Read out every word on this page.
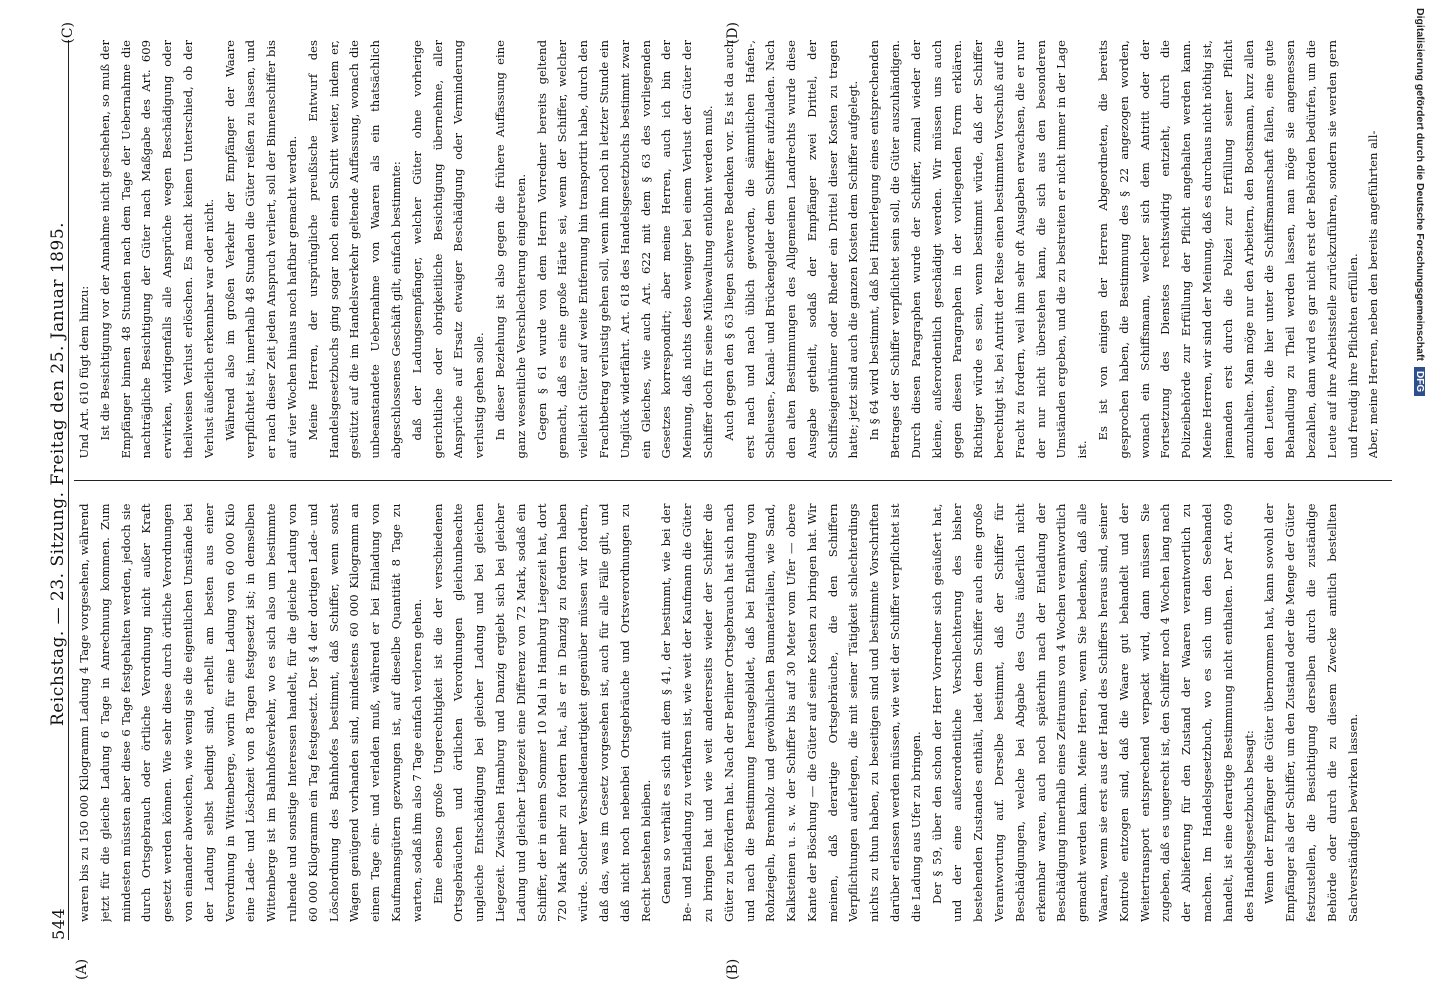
(A)	(B)
544
Reichstag. — 23. Sitzung. Freitag den 25. Januar 1895. waren bis zu 150 000 Kilogramm Ladung 4 Tage vorgesehen, während jetzt für die gleiche Ladung 6 Tage in Anrechnung kommen. Zum mindesten müssten aber diese 6 Tage festgehalten werden, jedoch sie durch Ortsgebrauch oder örtliche Verordnung nicht außer Kraft gesetzt werden können. Wie sehr diese durch örtliche Verordnungen von einander abweichen, wie wenig sie die eigentlichen Umstände bei der Ladung selbst bedingt sind, erhellt am besten aus einer Verordnung in Wittenberge, worin für eine Ladung von 60 000 Kilo eine Lade- und Löschzeit von 8 Tagen festgesetzt ist; in demselben Wittenberge ist im Bahnhofsverkehr, wo es sich also um bestimmte ruhende und sonstige Interessen handelt, für die gleiche Ladung von 60 000 Kilogramm ein Tag festgesetzt. Der § 4 der dortigen Lade- und Löschordnung des Bahnhofes bestimmt, daß Schiffer, wenn sonst Wagen genügend vorhanden sind, mindestens 60 000 Kilogramm an einem Tage ein- und verladen muß, während er bei Einladung von Kaufmannsgütern gezwungen ist, auf dieselbe Quantität 8 Tage zu warten, sodaß ihm also 7 Tage einfach verloren gehen. Eine ebenso große Ungerechtigkeit ist die der verschiedenen Ortsgebräuchen und örtlichen Verordnungen gleichunbeachte ungleiche Entschädigung bei gleicher Ladung und bei gleichen Liegezeit. Zwischen Hamburg und Danzig ergiebt sich bei gleicher Ladung und gleicher Liegezeit eine Differenz von 72 Mark, sodaß ein Schiffer, der in einem Sommer 10 Mal in Hamburg Liegezeit hat, dort 720 Mark mehr zu fordern hat, als er in Danzig zu fordern haben würde. Solcher Verschiedenartigkeit gegenüber müssen wir fordern, daß das, was im Gesetz vorgesehen ist, auch für alle Fälle gilt, und daß nicht noch nebenbei Ortsgebräuche und Ortsverordnungen zu Recht bestehen bleiben. Genau so verhält es sich mit dem § 41, der bestimmt, wie bei der Be- und Entladung zu verfahren ist, wie weit der Kaufmann die Güter zu bringen hat und wie weit andererseits wieder der Schiffer die Güter zu befördern hat. Nach der Berliner Ortsgebrauch hat sich nach und nach die Bestimmung herausgebildet, daß bei Entladung von Rohziegeln, Brennholz und gewöhnlichen Baumaterialien, wie Sand, Kalksteinen u. s. w. der Schiffer bis auf 30 Meter vom Ufer — obere Kante der Böschung — die Güter auf seine Kosten zu bringen hat. Wir meinen, daß derartige Ortsgebräuche, die den Schiffern Verpflichtungen auferlegen, die mit seiner Tätigkeit schlechterdings nichts zu thun haben, zu beseitigen sind und bestimmte Vorschriften darüber erlassen werden müssen, wie weit der Schiffer verpflichtet ist die Ladung aus Ufer zu bringen. Der § 59, über den schon der Herr Vorredner sich geäußert hat, und der eine außerordentliche Verschlechterung des bisher bestehenden Zustandes enthält, ladet dem Schiffer auch eine große Verantwortung auf. Derselbe bestimmt, daß der Schiffer für Beschädigungen, welche bei Abgabe des Guts äußerlich nicht erkennbar waren, auch noch späterhin nach der Entladung der Beschädigung innerhalb eines Zeitraums von 4 Wochen verantwortlich gemacht werden kann. Meine Herren, wenn Sie bedenken, daß alle Waaren, wenn sie erst aus der Hand des Schiffers heraus sind, seiner Kontrole entzogen sind, daß die Waare gut behandelt und der Weitertransport entsprechend verpackt wird, dann müssen Sie zugeben, daß es ungerecht ist, den Schiffer noch 4 Wochen lang nach der Ablieferung für den Zustand der Waaren verantwortlich zu machen. Im Handelsgesetzbuch, wo es sich um den Seehandel handelt, ist eine derartige Bestimmung nicht enthalten. Der Art. 609 des Handelsgesetzbuchs besagt: Wenn der Empfänger die Güter übernommen hat, kann sowohl der Empfänger als der Schiffer, um den Zustand oder die Menge der Güter festzustellen, die Besichtigung derselben durch die zuständige Behörde oder durch die zu diesem Zwecke amtlich bestellten Sachverständigen bewirken lassen.

Und Art. 610 fügt dem hinzu: Ist die Besichtigung vor der Annahme nicht geschehen, so muß der Empfänger binnen 48 Stunden nach dem Tage der Uebernahme die nachträgliche Besichtigung der Güter nach Maßgabe des Art. 609 erwirken, widrigenfalls alle Ansprüche wegen Beschädigung oder theilweisen Verlust erlöschen. Es macht keinen Unterschied, ob der Verlust äußerlich erkennbar war oder nicht. Während also im großen Verkehr der Empfänger der Waare verpflichtet ist, innerhalb 48 Stunden die Güter reißen zu lassen, und er nach dieser Zeit jeden Anspruch verliert, soll der Binnenschiffer bis auf vier Wochen hinaus noch haftbar gemacht werden. Meine Herren, der ursprüngliche preußische Entwurf des Handelsgesetzbuchs ging sogar noch einen Schritt weiter, indem er, gestützt auf die im Handelsverkehr geltende Auffassung, wonach die unbeanstandete Uebernahme von Waaren als ein thatsächlich abgeschlossenes Geschäft gilt, einfach bestimmte: daß der Ladungsempfänger, welcher Güter ohne vorherige gerichtliche oder obrigkeitliche Besichtigung übernehme, aller Ansprüche auf Ersatz etwaiger Beschädigung oder Verminderung verlustig gehen solle. In dieser Beziehung ist also gegen die frühere Auffassung eine ganz wesentliche Verschlechterung eingetreten. Gegen § 61 wurde von dem Herrn Vorredner bereits geltend gemacht, daß es eine große Härte sei, wenn der Schiffer, welcher vielleicht Güter auf weite Entfernung hin transportirt habe, durch den Frachtbetrag verlustig gehen soll, wenn ihm noch in letzter Stunde ein Unglück widerfährt. Art. 618 des Handelsgesetzbuchs bestimmt zwar ein Gleiches, wie auch Art. 622 mit dem § 63 des vorliegenden Gesetzes korrespondirt; aber meine Herren, auch ich bin der Meinung, daß nichts desto weniger bei einem Verlust der Güter der Schiffer doch für seine Mühewaltung entlohnt werden muß. Auch gegen den § 63 liegen schwere Bedenken vor. Es ist da auch erst nach und nach üblich geworden, die sämmtlichen Hafen-, Schleusen-, Kanal- und Brückengelder dem Schiffer aufzuladen. Nach den alten Bestimmungen des Allgemeinen Landrechts wurde diese Ausgabe getheilt, sodaß der Empfänger zwei Drittel, der Schiffseigenthümer oder Rheder ein Drittel dieser Kosten zu tragen hatte; jetzt sind auch die ganzen Kosten dem Schiffer aufgelegt. In § 64 wird bestimmt, daß bei Hinterlegung eines entsprechenden Betrages der Schiffer verpflichtet sein soll, die Güter auszuhändigen. Durch diesen Paragraphen wurde der Schiffer, zumal wieder der kleine, außerordentlich geschädigt werden. Wir müssen uns auch gegen diesen Paragraphen in der vorliegenden Form erklären. Richtiger würde es sein, wenn bestimmt würde, daß der Schiffer berechtigt ist, bei Antritt der Reise einen bestimmten Vorschuß auf die Fracht zu fordern, weil ihm sehr oft Ausgaben erwachsen, die er nur der nur nicht überstehen kann, die sich aus den besonderen Umständen ergeben, und die zu bestreiten er nicht immer in der Lage ist.

Es ist von einigen der Herren Abgeordneten, die bereits gesprochen haben, die Bestimmung des § 22 angezogen worden, wonach ein Schiffsmann, welcher sich dem Antritt oder der Fortsetzung des Dienstes rechtswidrig entzieht, durch die Polizeibehörde zur Erfüllung der Pflicht angehalten werden kann. Meine Herren, wir sind der Meinung, daß es durchaus nicht nöthig ist, jemanden erst durch die Polizei zur Erfüllung seiner Pflicht anzuhalten. Man möge nur den Arbeitern, den Bootsmann, kurz allen den Leuten, die hier unter die Schiffsmannschaft fallen, eine gute Behandlung zu Theil werden lassen, man möge sie angemessen bezahlen, dann wird es gar nicht erst der Behörden bedürfen, um die Leute auf ihre Arbeitsstelle zurückzuführen, sondern sie werden gern und freudig ihre Pflichten erfüllen. Aber, meine Herren, neben den bereits angeführten all-

(C)	(D)	Digitalisierung gefördert durch die Deutsche ForschungsgemeinschaftDFG
